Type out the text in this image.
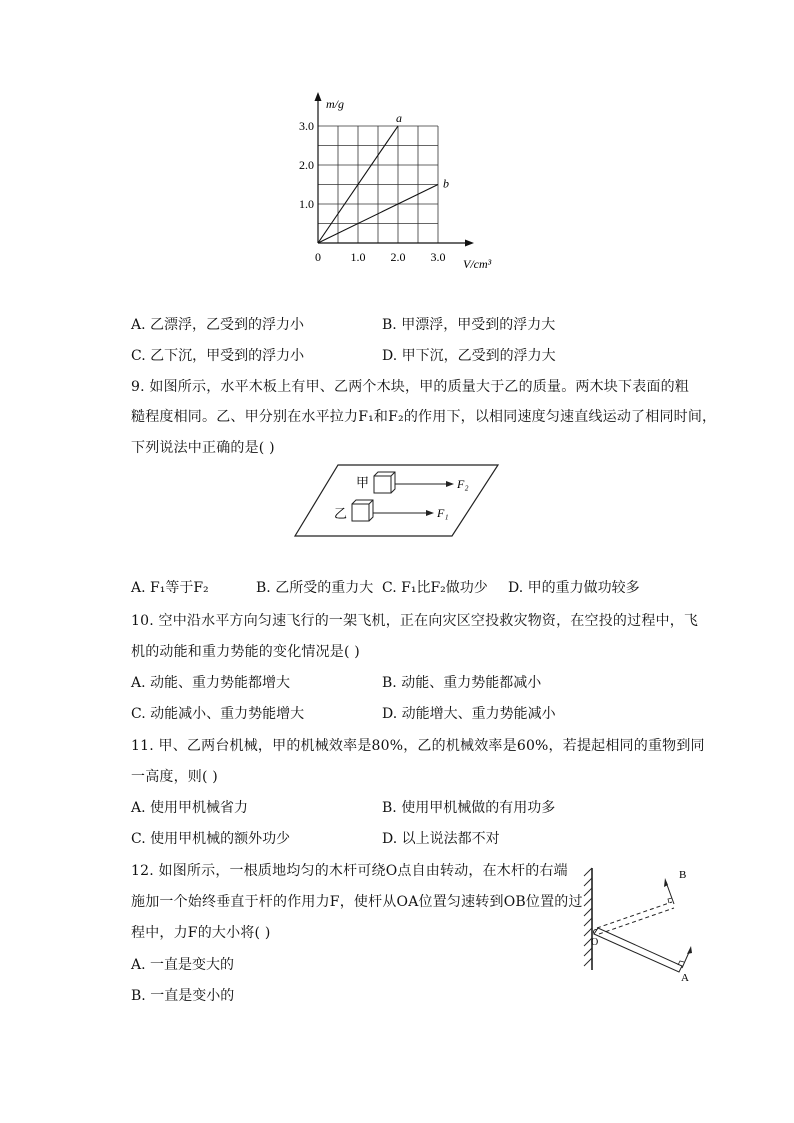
a
b
0 1.0 2.0 3.0
1.0
2.0
3.0
m/g
V/cm³
A. 乙漂浮，乙受到的浮力小	B. 甲漂浮，甲受到的浮力大
C. 乙下沉，甲受到的浮力小	D. 甲下沉，乙受到的浮力大
9. 如图所示，水平木板上有甲、乙两个木块，甲的质量大于乙的质量。两木块下表面的粗
糙程度相同。乙、甲分别在水平拉力F₁和F₂的作用下，以相同速度匀速直线运动了相同时间，
下列说法中正确的是( )
甲
乙
F₂
F₁
A. F₁等于F₂	B. 乙所受的重力大 C. F₁比F₂做功少 D. 甲的重力做功较多
10. 空中沿水平方向匀速飞行的一架飞机，正在向灾区空投救灾物资，在空投的过程中，飞
机的动能和重力势能的变化情况是( )
A. 动能、重力势能都增大	B. 动能、重力势能都减小
C. 动能减小、重力势能增大	D. 动能增大、重力势能减小
11. 甲、乙两台机械，甲的机械效率是80%，乙的机械效率是60%，若提起相同的重物到同
一高度，则( )
A. 使用甲机械省力	B. 使用甲机械做的有用功多
C. 使用甲机械的额外功少	D. 以上说法都不对
12. 如图所示，一根质地均匀的木杆可绕O点自由转动，在木杆的右端
施加一个始终垂直于杆的作用力F，使杆从OA位置匀速转到OB位置的过
程中，力F的大小将( )
A. 一直是变大的
B. 一直是变小的
O
A
B
